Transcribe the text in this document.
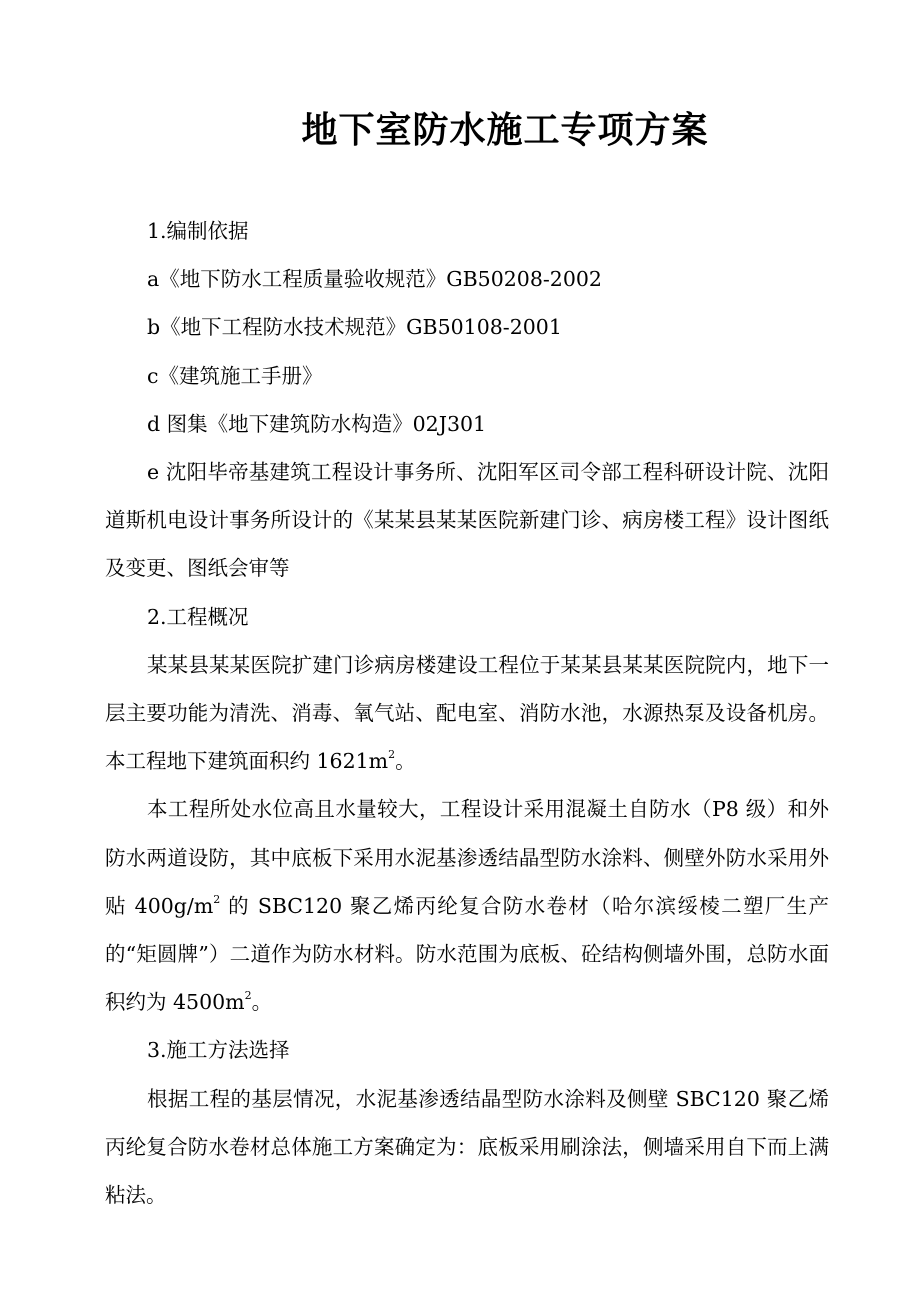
地下室防水施工专项方案

1.编制依据

a《地下防水工程质量验收规范》GB50208-2002

b《地下工程防水技术规范》GB50108-2001

c《建筑施工手册》

d 图集《地下建筑防水构造》02J301

e 沈阳毕帝基建筑工程设计事务所、沈阳军区司令部工程科研设计院、沈阳道斯机电设计事务所设计的《某某县某某医院新建门诊、病房楼工程》设计图纸及变更、图纸会审等

2.工程概况

某某县某某医院扩建门诊病房楼建设工程位于某某县某某医院院内，地下一层主要功能为清洗、消毒、氧气站、配电室、消防水池，水源热泵及设备机房。本工程地下建筑面积约 $1621m^2$。

本工程所处水位高且水量较大，工程设计采用混凝土自防水（P8 级）和外防水两道设防，其中底板下采用水泥基渗透结晶型防水涂料、侧壁外防水采用外贴 $400g/m^2$ 的 SBC120 聚乙烯丙纶复合防水卷材（哈尔滨绥棱二塑厂生产的“矩圆牌”）二道作为防水材料。防水范围为底板、砼结构侧墙外围，总防水面积约为 $4500m^2$。

3.施工方法选择

根据工程的基层情况，水泥基渗透结晶型防水涂料及侧壁 SBC120 聚乙烯丙纶复合防水卷材总体施工方案确定为：底板采用刷涂法，侧墙采用自下而上满粘法。
